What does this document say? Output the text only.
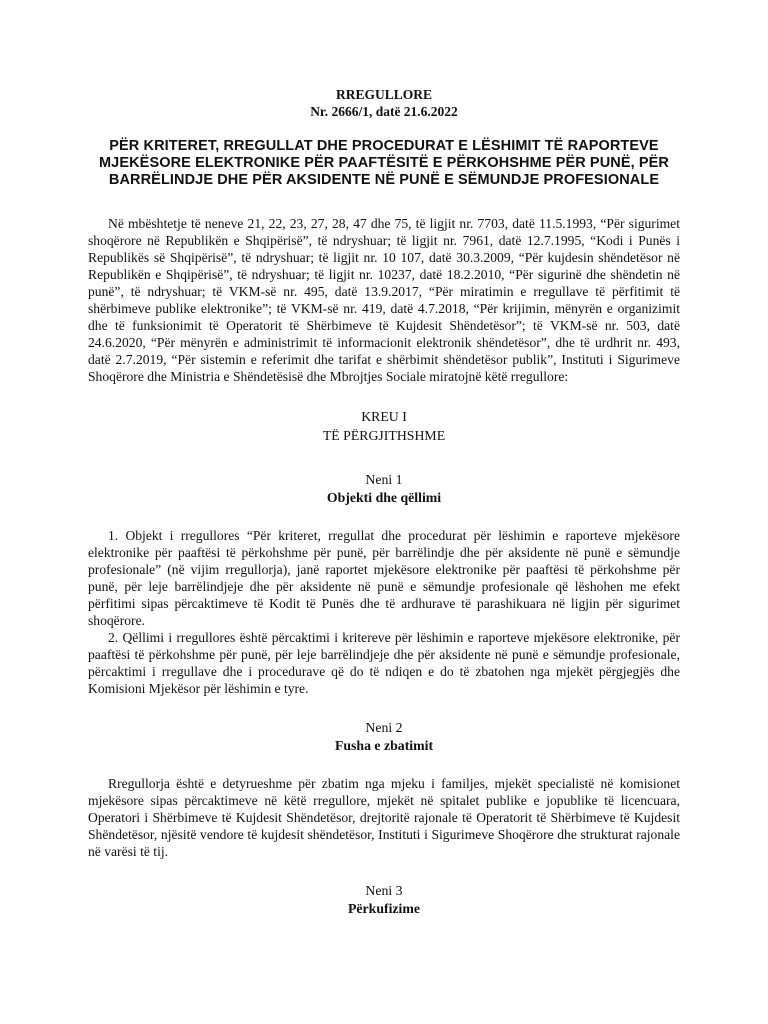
RREGULLORE

Nr. 2666/1, datë 21.6.2022

PËR KRITERET, RREGULLAT DHE PROCEDURAT E LËSHIMIT TË RAPORTEVE MJEKËSORE ELEKTRONIKE PËR PAAFTËSITË E PËRKOHSHME PËR PUNË, PËR BARRËLINDJE DHE PËR AKSIDENTE NË PUNË E SËMUNDJE PROFESIONALE

Në mbështetje të neneve 21, 22, 23, 27, 28, 47 dhe 75, të ligjit nr. 7703, datë 11.5.1993, “Për sigurimet shoqërore në Republikën e Shqipërisë”, të ndryshuar; të ligjit nr. 7961, datë 12.7.1995, “Kodi i Punës i Republikës së Shqipërisë”, të ndryshuar; të ligjit nr. 10 107, datë 30.3.2009, “Për kujdesin shëndetësor në Republikën e Shqipërisë”, të ndryshuar; të ligjit nr. 10237, datë 18.2.2010, “Për sigurinë dhe shëndetin në punë”, të ndryshuar; të VKM-së nr. 495, datë 13.9.2017, “Për miratimin e rregullave të përfitimit të shërbimeve publike elektronike”; të VKM-së nr. 419, datë 4.7.2018, “Për krijimin, mënyrën e organizimit dhe të funksionimit të Operatorit të Shërbimeve të Kujdesit Shëndetësor”; të VKM-së nr. 503, datë 24.6.2020, “Për mënyrën e administrimit të informacionit elektronik shëndetësor”, dhe të urdhrit nr. 493, datë 2.7.2019, “Për sistemin e referimit dhe tarifat e shërbimit shëndetësor publik”, Instituti i Sigurimeve Shoqërore dhe Ministria e Shëndetësisë dhe Mbrojtjes Sociale miratojnë këtë rregullore:

KREU I

TË PËRGJITHSHME

Neni 1

Objekti dhe qëllimi

1. Objekt i rregullores “Për kriteret, rregullat dhe procedurat për lëshimin e raporteve mjekësore elektronike për paaftësi të përkohshme për punë, për barrëlindje dhe për aksidente në punë e sëmundje profesionale” (në vijim rregullorja), janë raportet mjekësore elektronike për paaftësi të përkohshme për punë, për leje barrëlindjeje dhe për aksidente në punë e sëmundje profesionale që lëshohen me efekt përfitimi sipas përcaktimeve të Kodit të Punës dhe të ardhurave të parashikuara në ligjin për sigurimet shoqërore.

2. Qëllimi i rregullores është përcaktimi i kritereve për lëshimin e raporteve mjekësore elektronike, për paaftësi të përkohshme për punë, për leje barrëlindjeje dhe për aksidente në punë e sëmundje profesionale, përcaktimi i rregullave dhe i procedurave që do të ndiqen e do të zbatohen nga mjekët përgjegjës dhe Komisioni Mjekësor për lëshimin e tyre.

Neni 2

Fusha e zbatimit

Rregullorja është e detyrueshme për zbatim nga mjeku i familjes, mjekët specialistë në komisionet mjekësore sipas përcaktimeve në këtë rregullore, mjekët në spitalet publike e jopublike të licencuara, Operatori i Shërbimeve të Kujdesit Shëndetësor, drejtoritë rajonale të Operatorit të Shërbimeve të Kujdesit Shëndetësor, njësitë vendore të kujdesit shëndetësor, Instituti i Sigurimeve Shoqërore dhe strukturat rajonale në varësi të tij.

Neni 3

Përkufizime
